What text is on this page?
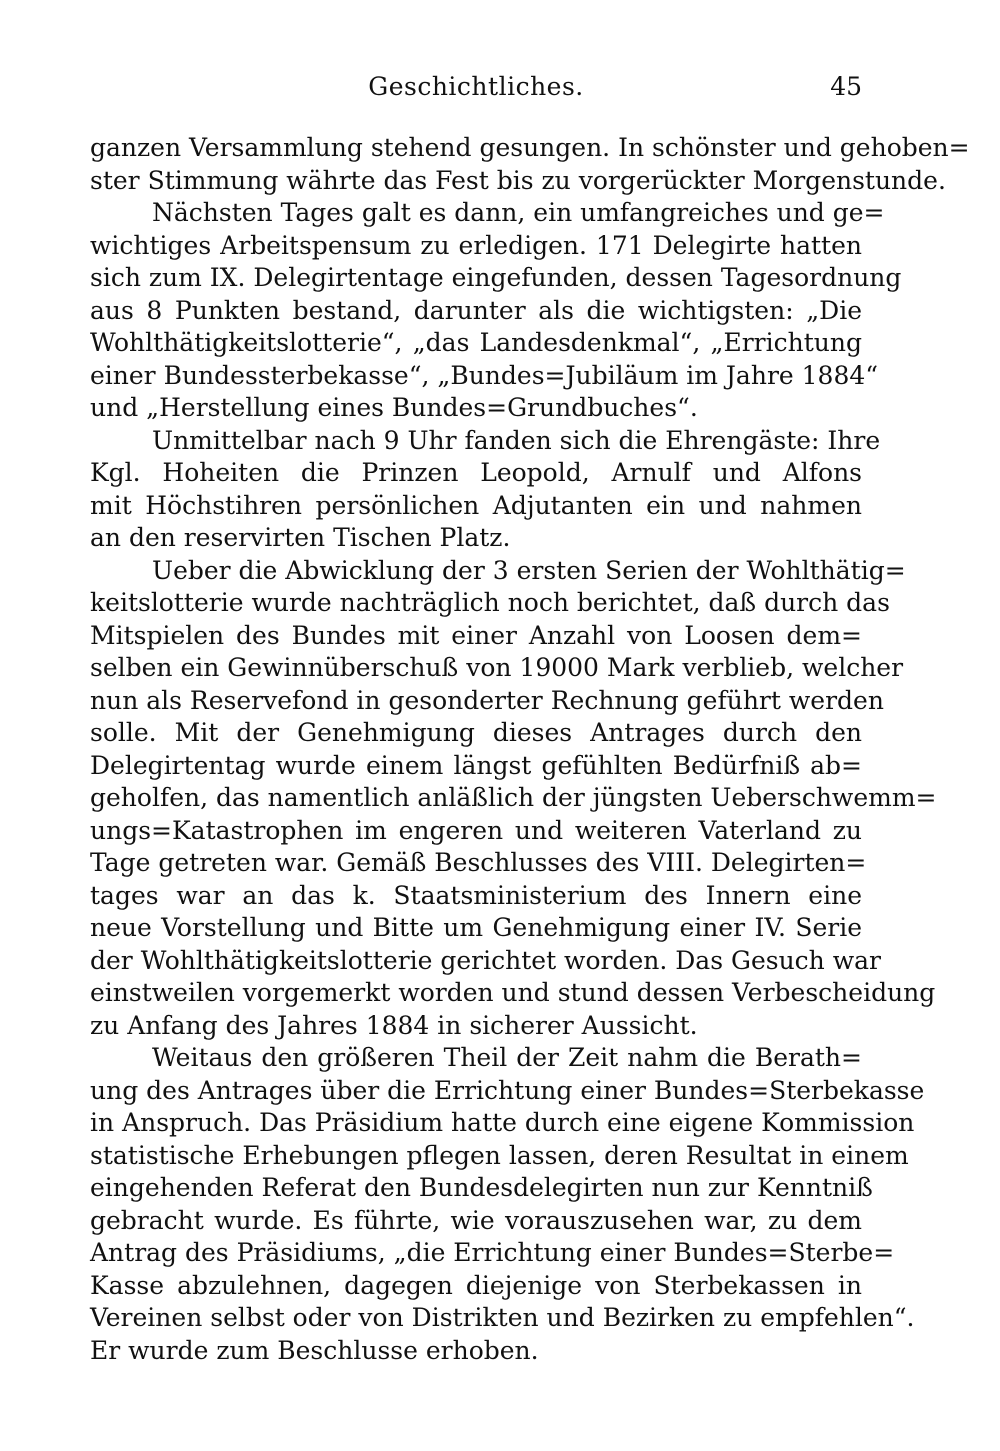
Geschichtliches.	45
ganzen Versammlung stehend gesungen. In schönster und gehoben=
ster Stimmung währte das Fest bis zu vorgerückter Morgenstunde.
Nächsten Tages galt es dann, ein umfangreiches und ge=
wichtiges Arbeitspensum zu erledigen. 171 Delegirte hatten
sich zum IX. Delegirtentage eingefunden, dessen Tagesordnung
aus 8 Punkten bestand, darunter als die wichtigsten: „Die
Wohlthätigkeitslotterie“, „das Landesdenkmal“, „Errichtung
einer Bundessterbekasse“, „Bundes=Jubiläum im Jahre 1884“
und „Herstellung eines Bundes=Grundbuches“.
Unmittelbar nach 9 Uhr fanden sich die Ehrengäste: Ihre
Kgl. Hoheiten die Prinzen Leopold, Arnulf und Alfons
mit Höchstihren persönlichen Adjutanten ein und nahmen
an den reservirten Tischen Platz.
Ueber die Abwicklung der 3 ersten Serien der Wohlthätig=
keitslotterie wurde nachträglich noch berichtet, daß durch das
Mitspielen des Bundes mit einer Anzahl von Loosen dem=
selben ein Gewinnüberschuß von 19000 Mark verblieb, welcher
nun als Reservefond in gesonderter Rechnung geführt werden
solle. Mit der Genehmigung dieses Antrages durch den
Delegirtentag wurde einem längst gefühlten Bedürfniß ab=
geholfen, das namentlich anläßlich der jüngsten Ueberschwemm=
ungs=Katastrophen im engeren und weiteren Vaterland zu
Tage getreten war. Gemäß Beschlusses des VIII. Delegirten=
tages war an das k. Staatsministerium des Innern eine
neue Vorstellung und Bitte um Genehmigung einer IV. Serie
der Wohlthätigkeitslotterie gerichtet worden. Das Gesuch war
einstweilen vorgemerkt worden und stund dessen Verbescheidung
zu Anfang des Jahres 1884 in sicherer Aussicht.
Weitaus den größeren Theil der Zeit nahm die Berath=
ung des Antrages über die Errichtung einer Bundes=Sterbekasse
in Anspruch. Das Präsidium hatte durch eine eigene Kommission
statistische Erhebungen pflegen lassen, deren Resultat in einem
eingehenden Referat den Bundesdelegirten nun zur Kenntniß
gebracht wurde. Es führte, wie vorauszusehen war, zu dem
Antrag des Präsidiums, „die Errichtung einer Bundes=Sterbe=
Kasse abzulehnen, dagegen diejenige von Sterbekassen in
Vereinen selbst oder von Distrikten und Bezirken zu empfehlen“.
Er wurde zum Beschlusse erhoben.
